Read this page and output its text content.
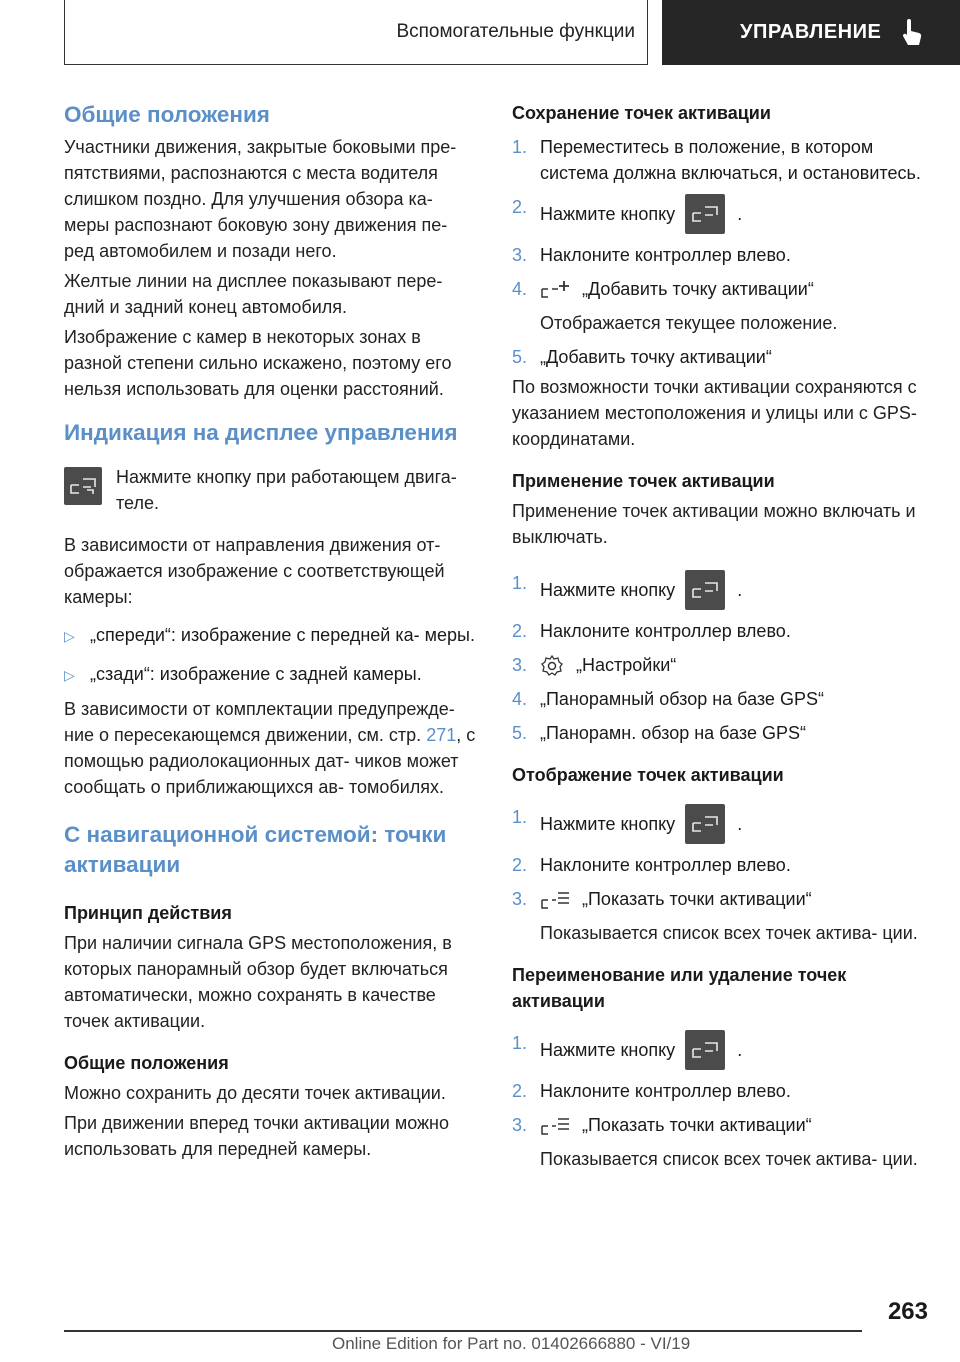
Вспомогательные функции	УПРАВЛЕНИЕ
Общие положения
Участники движения, закрытые боковыми пре- пятствиями, распознаются с места водителя слишком поздно. Для улучшения обзора ка- меры распознают боковую зону движения пе- ред автомобилем и позади него.
Желтые линии на дисплее показывают пере- дний и задний конец автомобиля.
Изображение с камер в некоторых зонах в разной степени сильно искажено, поэтому его нельзя использовать для оценки расстояний.
Индикация на дисплее управления
Нажмите кнопку при работающем двига- теле.
В зависимости от направления движения от- ображается изображение с соответствующей камеры:
▷ „спереди“: изображение с передней ка- меры.
▷ „сзади“: изображение с задней камеры.
В зависимости от комплектации предупрежде- ние о пересекающемся движении, см. стр. 271, с помощью радиолокационных дат- чиков может сообщать о приближающихся ав- томобилях.
С навигационной системой: точки активации
Принцип действия
При наличии сигнала GPS местоположения, в которых панорамный обзор будет включаться автоматически, можно сохранять в качестве точек активации.
Общие положения
Можно сохранить до десяти точек активации.
При движении вперед точки активации можно использовать для передней камеры.
Сохранение точек активации
1. Переместитесь в положение, в котором система должна включаться, и остановитесь.
2. Нажмите кнопку	.
3. Наклоните контроллер влево.
4.	„Добавить точку активации“
Отображается текущее положение.
5. „Добавить точку активации“
По возможности точки активации сохраняются с указанием местоположения и улицы или с GPS-координатами.
Применение точек активации
Применение точек активации можно включать и выключать.
1. Нажмите кнопку	.
2. Наклоните контроллер влево.
3.	„Настройки“
4. „Панорамный обзор на базе GPS“
5. „Панорамн. обзор на базе GPS“
Отображение точек активации
1. Нажмите кнопку	.
2. Наклоните контроллер влево.
3.	„Показать точки активации“
Показывается список всех точек актива- ции.
Переименование или удаление точек активации
1. Нажмите кнопку	.
2. Наклоните контроллер влево.
3.	„Показать точки активации“
Показывается список всех точек актива- ции.
263
Online Edition for Part no. 01402666880 - VI/19
